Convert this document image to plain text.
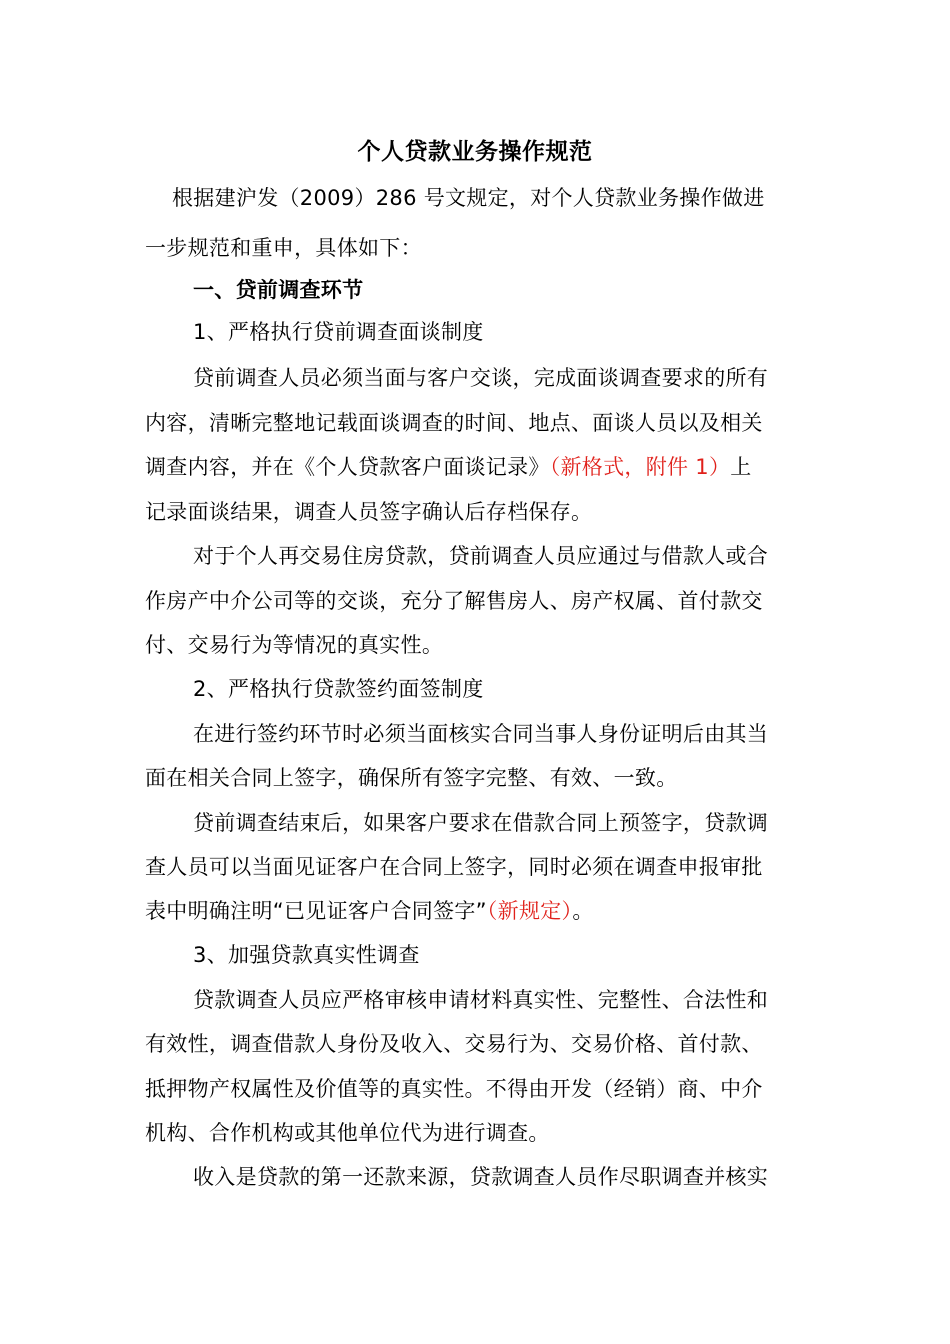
个人贷款业务操作规范
根据建沪发（2009）286 号文规定，对个人贷款业务操作做进
一步规范和重申，具体如下：
一、贷前调查环节
1、严格执行贷前调查面谈制度
贷前调查人员必须当面与客户交谈，完成面谈调查要求的所有
内容，清晰完整地记载面谈调查的时间、地点、面谈人员以及相关
调查内容，并在《个人贷款客户面谈记录》（新格式，附件 1）上
记录面谈结果，调查人员签字确认后存档保存。
对于个人再交易住房贷款，贷前调查人员应通过与借款人或合
作房产中介公司等的交谈，充分了解售房人、房产权属、首付款交
付、交易行为等情况的真实性。
2、严格执行贷款签约面签制度
在进行签约环节时必须当面核实合同当事人身份证明后由其当
面在相关合同上签字，确保所有签字完整、有效、一致。
贷前调查结束后，如果客户要求在借款合同上预签字，贷款调
查人员可以当面见证客户在合同上签字，同时必须在调查申报审批
表中明确注明“已见证客户合同签字”（新规定）。
3、加强贷款真实性调查
贷款调查人员应严格审核申请材料真实性、完整性、合法性和
有效性，调查借款人身份及收入、交易行为、交易价格、首付款、
抵押物产权属性及价值等的真实性。不得由开发（经销）商、中介
机构、合作机构或其他单位代为进行调查。
收入是贷款的第一还款来源，贷款调查人员作尽职调查并核实
